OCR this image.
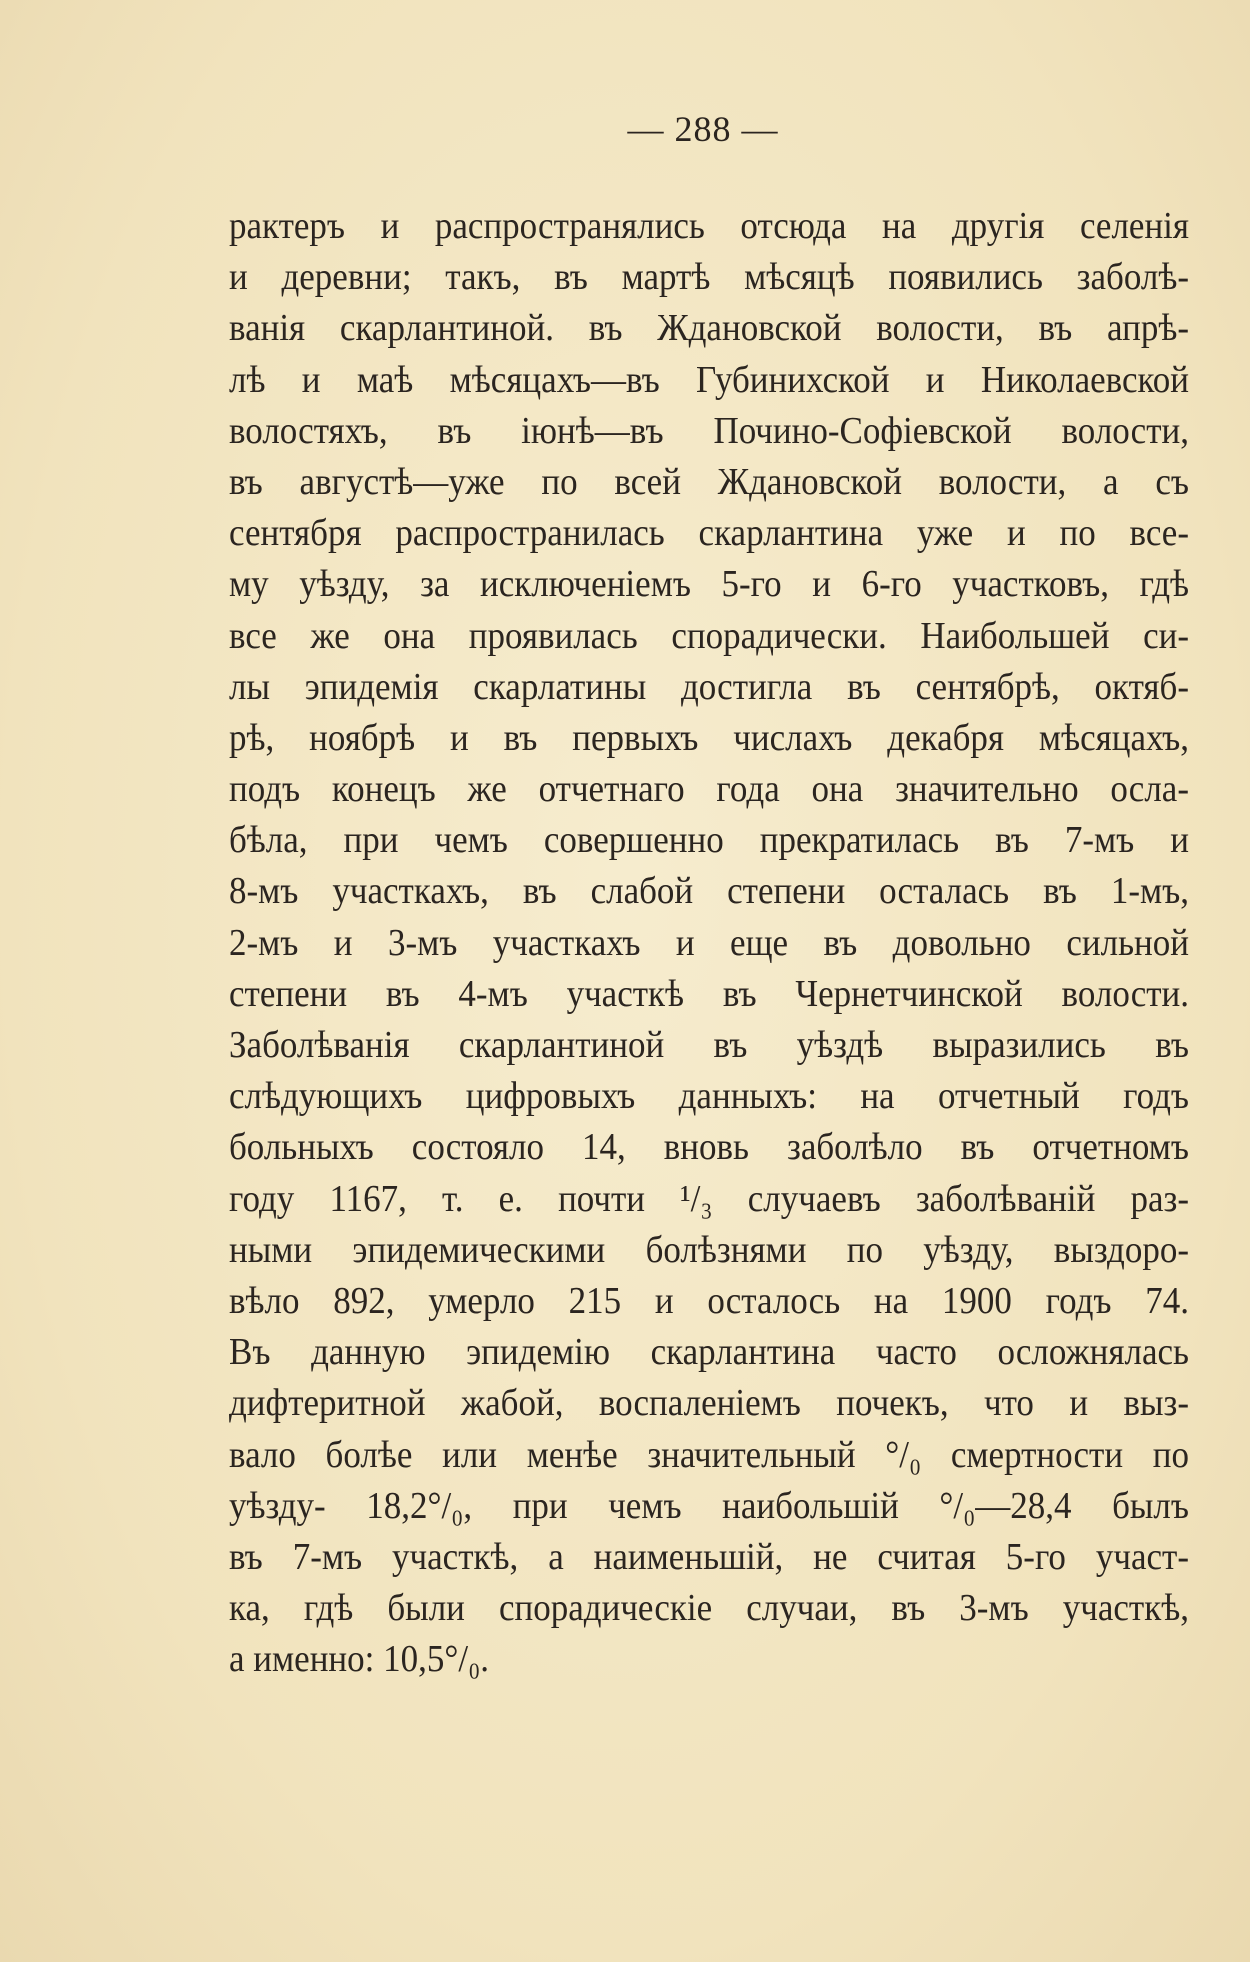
— 288 —
рактеръ и распространялись отсюда на другія селенія
и деревни; такъ, въ мартѣ мѣсяцѣ появились заболѣ-
ванія скарлантиной. въ Ждановской волости, въ апрѣ-
лѣ и маѣ мѣсяцахъ—въ Губинихской и Николаевской
волостяхъ, въ іюнѣ—въ Почино-Софіевской волости,
въ августѣ—уже по всей Ждановской волости, а съ
сентября распространилась скарлантина уже и по все-
му уѣзду, за исключеніемъ 5-го и 6-го участковъ, гдѣ
все же она проявилась спорадически. Наибольшей си-
лы эпидемія скарлатины достигла въ сентябрѣ, октяб-
рѣ, ноябрѣ и въ первыхъ числахъ декабря мѣсяцахъ,
подъ конецъ же отчетнаго года она значительно осла-
бѣла, при чемъ совершенно прекратилась въ 7-мъ и
8-мъ участкахъ, въ слабой степени осталась въ 1-мъ,
2-мъ и 3-мъ участкахъ и еще въ довольно сильной
степени въ 4-мъ участкѣ въ Чернетчинской волости.
Заболѣванія скарлантиной въ уѣздѣ выразились въ
слѣдующихъ цифровыхъ данныхъ: на отчетный годъ
больныхъ состояло 14, вновь заболѣло въ отчетномъ
году 1167, т. е. почти ¹/₃ случаевъ заболѣваній раз-
ными эпидемическими болѣзнями по уѣзду, выздоро-
вѣло 892, умерло 215 и осталось на 1900 годъ 74.
Въ данную эпидемію скарлантина часто осложнялась
дифтеритной жабой, воспаленіемъ почекъ, что и выз-
вало болѣе или менѣе значительный °/₀ смертности по
уѣзду- 18,2°/₀, при чемъ наибольшій °/₀—28,4 былъ
въ 7-мъ участкѣ, а наименьшій, не считая 5-го участ-
ка, гдѣ были спорадическіе случаи, въ 3-мъ участкѣ,
а именно: 10,5°/₀.
